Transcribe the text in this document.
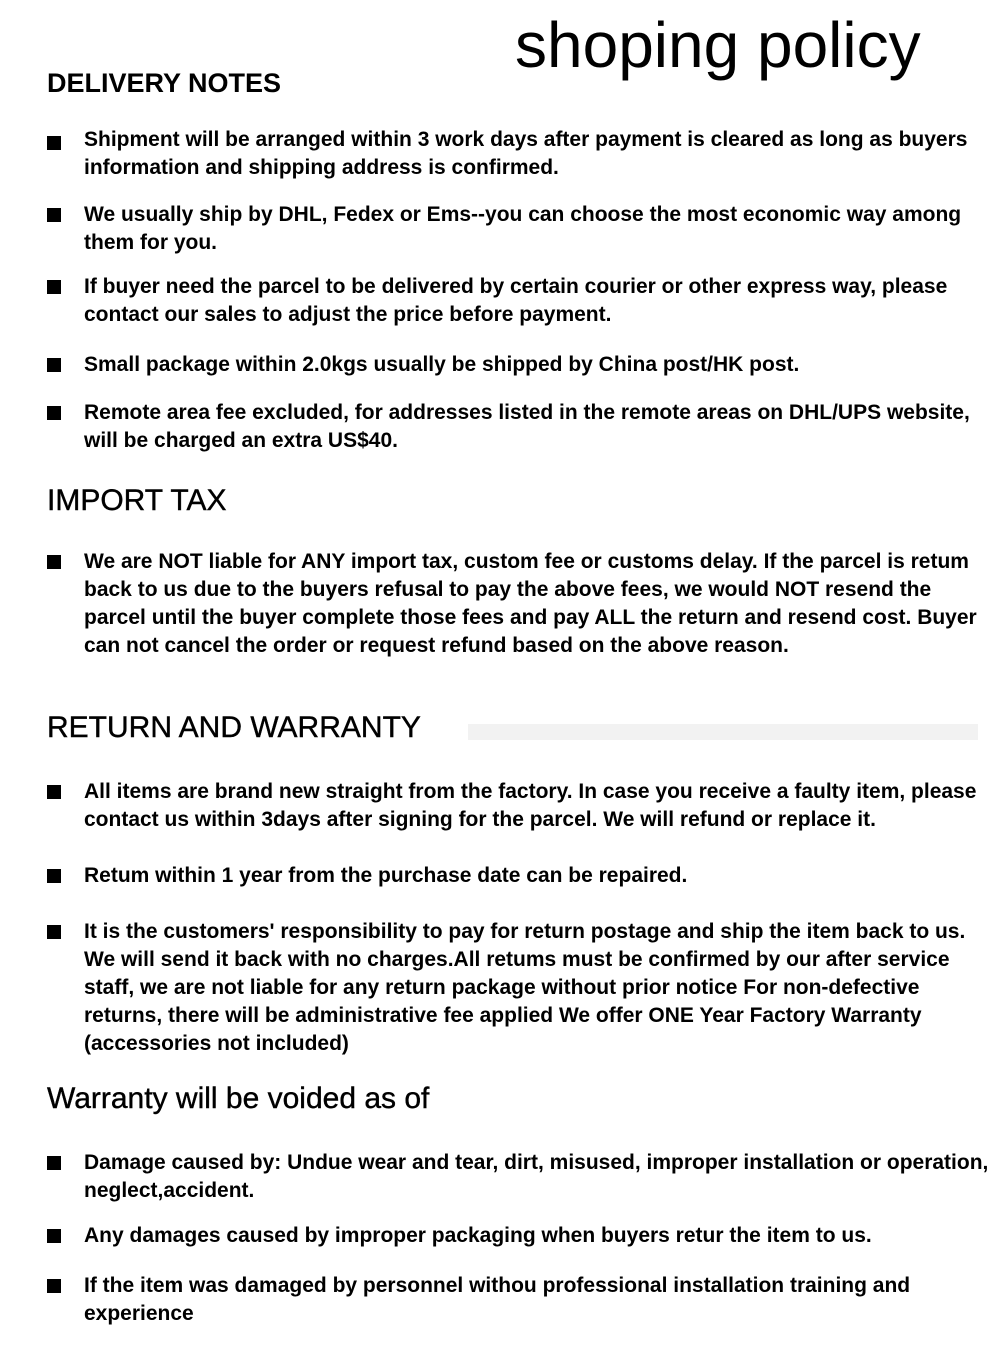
shoping policy
DELIVERY NOTES

Shipment will be arranged within 3 work days after payment is cleared as long as buyers information and shipping address is confirmed.

We usually ship by DHL, Fedex or Ems--you can choose the most economic way among them for you.

If buyer need the parcel to be delivered by certain courier or other express way, please contact our sales to adjust the price before payment.

Small package within 2.0kgs usually be shipped by China post/HK post.

Remote area fee excluded, for addresses listed in the remote areas on DHL/UPS website, will be charged an extra US$40.

IMPORT TAX

We are NOT liable for ANY import tax, custom fee or customs delay. If the parcel is retum back to us due to the buyers refusal to pay the above fees, we would NOT resend the parcel until the buyer complete those fees and pay ALL the return and resend cost. Buyer can not cancel the order or request refund based on the above reason.

RETURN AND WARRANTY

All items are brand new straight from the factory. In case you receive a faulty item, please contact us within 3days after signing for the parcel. We will refund or replace it.

Retum within 1 year from the purchase date can be repaired.

It is the customers' responsibility to pay for return postage and ship the item back to us. We will send it back with no charges.All retums must be confirmed by our after service staff, we are not liable for any return package without prior notice For non-defective returns, there will be administrative fee applied We offer ONE Year Factory Warranty (accessories not included)

Warranty will be voided as of

Damage caused by: Undue wear and tear, dirt, misused, improper installation or operation, neglect,accident.

Any damages caused by improper packaging when buyers retur the item to us.

If the item was damaged by personnel withou professional installation training and experience
